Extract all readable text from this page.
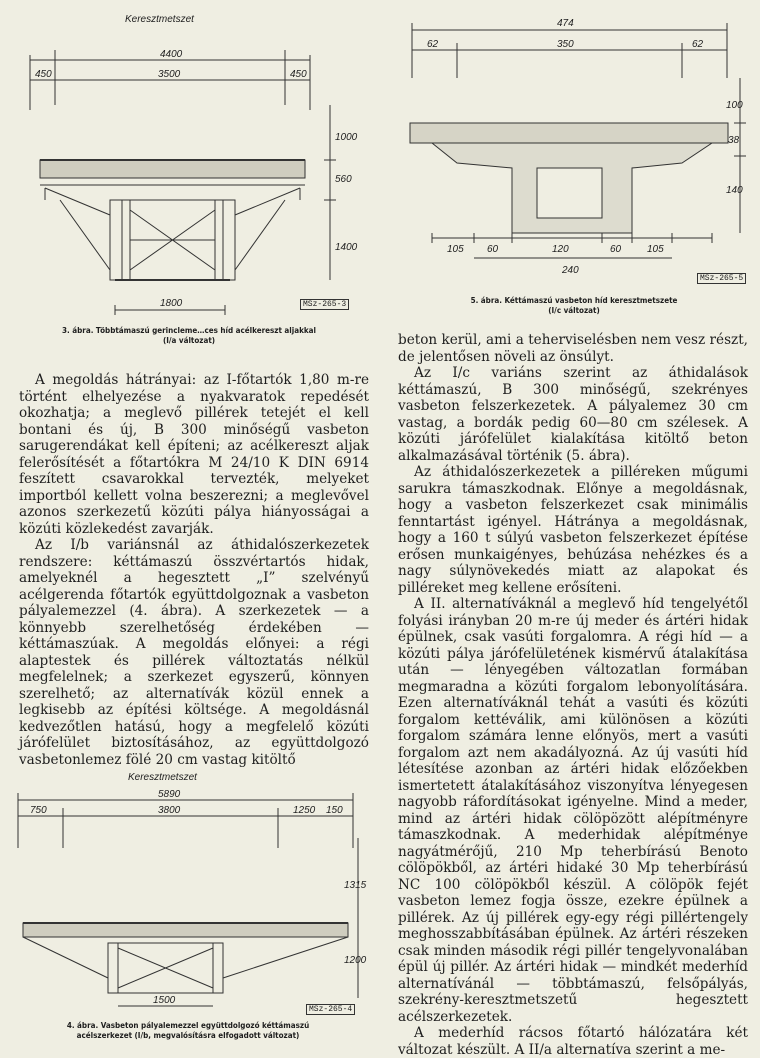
Keresztmetszet
4400
450	3500	450
1000
560
1400
1800	MSz-265-3
3. ábra. Többtámaszú gerincleme…ces híd acélkereszt aljakkal
(I/a változat)

A megoldás hátrányai: az I-főtartók 1,80 m-re történt elhelyezése a nyakvaratok repedését okozhatja; a meglevő pillérek tetejét el kell bontani és új, B 300 minőségű vasbeton sarugerendákat kell építeni; az acélkereszt aljak felerősítését a főtartókra M 24/10 K DIN 6914 feszített csavarokkal tervezték, melyeket importból kellett volna beszerezni; a meglevővel azonos szerkezetű közúti pálya hiányosságai a közúti közlekedést zavarják.

Az I/b variánsnál az áthidalószerkezetek rendszere: kéttámaszú összvértartós hidak, amelyeknél a hegesztett „I” szelvényű acélgerenda főtartók együttdolgoznak a vasbeton pályalemezzel (4. ábra). A szerkezetek — a könnyebb szerelhetőség érdekében — kéttámaszúak. A megoldás előnyei: a régi alaptestek és pillérek változtatás nélkül megfelelnek; a szerkezet egyszerű, könnyen szerelhető; az alternatívák közül ennek a legkisebb az építési költsége. A megoldásnál kedvezőtlen hatású, hogy a megfelelő közúti járófelület biztosításához, az együttdolgozó vasbetonlemez fölé 20 cm vastag kitöltő

Keresztmetszet
5890
750	3800	1250 150
1315
1200
1500
MSz-265-4
4. ábra. Vasbeton pályalemezzel együttdolgozó kéttámaszú
acélszerkezet (I/b, megvalósításra elfogadott változat)
474
62	350	62
100
38
140
105 60	120	60	105
240
MSz-265-5
5. ábra. Kéttámaszú vasbeton híd keresztmetszete
(I/c változat)

beton kerül, ami a teherviselésben nem vesz részt, de jelentősen növeli az önsúlyt.

Az I/c variáns szerint az áthidalások kéttámaszú, B 300 minőségű, szekrényes vasbeton felszerkezetek. A pályalemez 30 cm vastag, a bordák pedig 60—80 cm szélesek. A közúti járófelület kialakítása kitöltő beton alkalmazásával történik (5. ábra).

Az áthidalószerkezetek a pilléreken műgumi sarukra támaszkodnak. Előnye a megoldásnak, hogy a vasbeton felszerkezet csak minimális fenntartást igényel. Hátránya a megoldásnak, hogy a 160 t súlyú vasbeton felszerkezet építése erősen munkaigényes, behúzása nehézkes és a nagy súlynövekedés miatt az alapokat és pilléreket meg kellene erősíteni.

A II. alternatíváknál a meglevő híd tengelyétől folyási irányban 20 m-re új meder és ártéri hidak épülnek, csak vasúti forgalomra. A régi híd — a közúti pálya járófelületének kismérvű átalakítása után — lényegében változatlan formában megmaradna a közúti forgalom lebonyolítására. Ezen alternatíváknál tehát a vasúti és közúti forgalom kettéválik, ami különösen a közúti forgalom számára lenne előnyös, mert a vasúti forgalom azt nem akadályozná. Az új vasúti híd létesítése azonban az ártéri hidak előzőekben ismertetett átalakításához viszonyítva lényegesen nagyobb ráfordításokat igényelne. Mind a meder, mind az ártéri hidak cölöpözött alépítményre támaszkodnak. A mederhidak alépítménye nagyátmérőjű, 210 Mp teherbírású Benoto cölöpökből, az ártéri hidaké 30 Mp teherbírású NC 100 cölöpökből készül. A cölöpök fejét vasbeton lemez fogja össze, ezekre épülnek a pillérek. Az új pillérek egy-egy régi pillértengely meghosszabbításában épülnek. Az ártéri részeken csak minden második régi pillér tengelyvonalában épül új pillér. Az ártéri hidak — mindkét mederhíd alternatívánál — többtámaszú, felsőpályás, szekrény-keresztmetszetű hegesztett acélszerkezetek.

A mederhíd rácsos főtartó hálózatára két változat készült. A II/a alternatíva szerint a me-
